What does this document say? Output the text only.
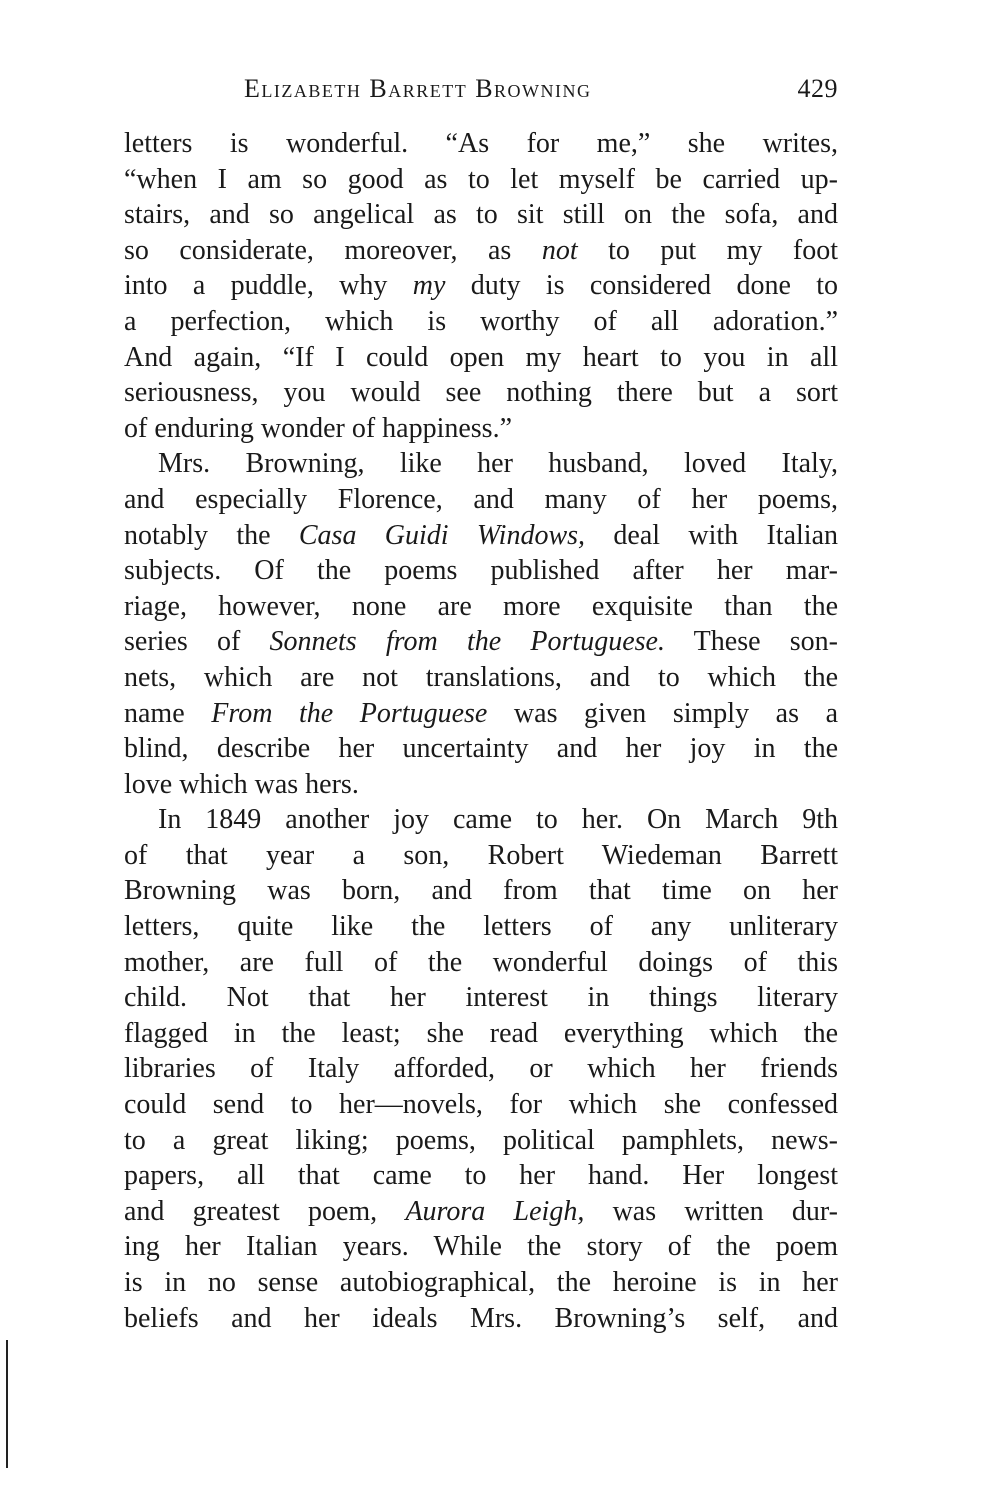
Elizabeth Barrett Browning	429
letters is wonderful. “As for me,” she writes,
“when I am so good as to let myself be carried up-
stairs, and so angelical as to sit still on the sofa, and
so considerate, moreover, as not to put my foot
into a puddle, why my duty is considered done to
a perfection, which is worthy of all adoration.”
And again, “If I could open my heart to you in all
seriousness, you would see nothing there but a sort
of enduring wonder of happiness.”
Mrs. Browning, like her husband, loved Italy,
and especially Florence, and many of her poems,
notably the Casa Guidi Windows, deal with Italian
subjects. Of the poems published after her mar-
riage, however, none are more exquisite than the
series of Sonnets from the Portuguese. These son-
nets, which are not translations, and to which the
name From the Portuguese was given simply as a
blind, describe her uncertainty and her joy in the
love which was hers.
In 1849 another joy came to her. On March 9th
of that year a son, Robert Wiedeman Barrett
Browning was born, and from that time on her
letters, quite like the letters of any unliterary
mother, are full of the wonderful doings of this
child. Not that her interest in things literary
flagged in the least; she read everything which the
libraries of Italy afforded, or which her friends
could send to her—novels, for which she confessed
to a great liking; poems, political pamphlets, news-
papers, all that came to her hand. Her longest
and greatest poem, Aurora Leigh, was written dur-
ing her Italian years. While the story of the poem
is in no sense autobiographical, the heroine is in her
beliefs and her ideals Mrs. Browning’s self, and
